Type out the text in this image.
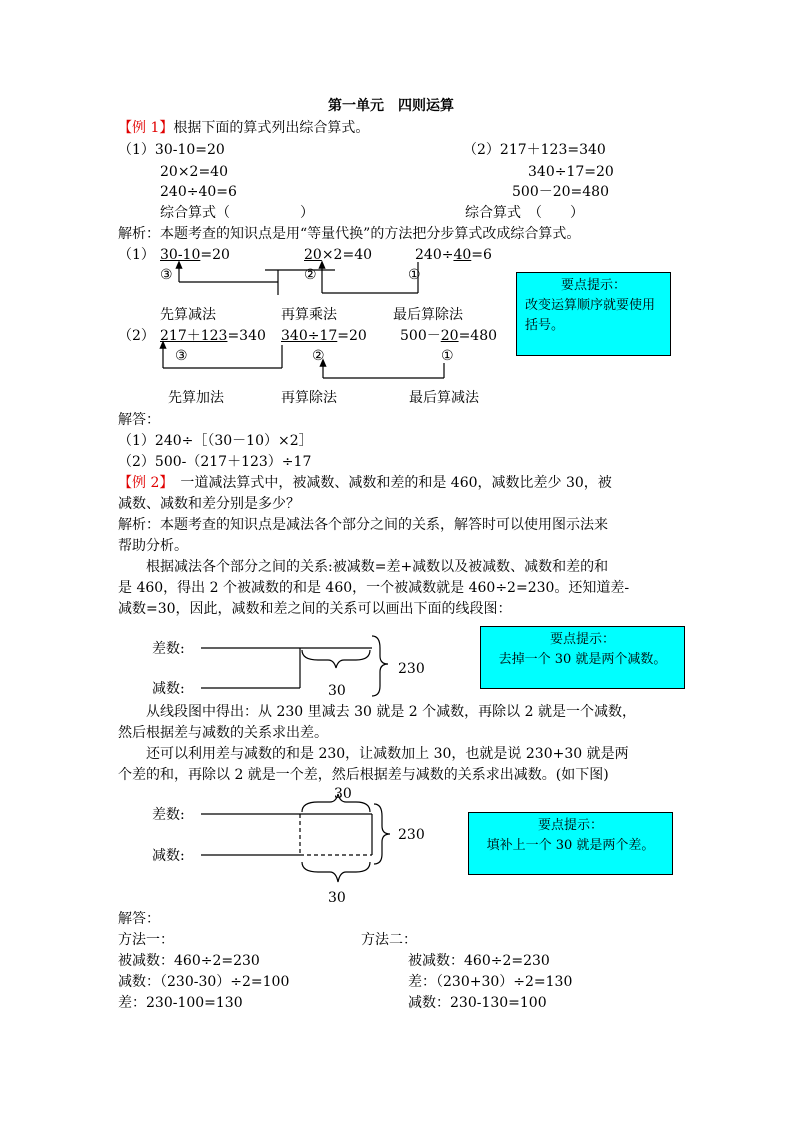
第一单元　四则运算
【例 1】根据下面的算式列出综合算式。
（1）30-10=20
20×2=40
240÷40=6
综合算式（　　　　　）
（2）217＋123=340
340÷17=20
500－20=480
综合算式　（　　）
解析：本题考查的知识点是用“等量代换”的方法把分步算式改成综合算式。
（1） 30-10=20	20×2=40	240÷40=6
③	②	①
先算减法	再算乘法	最后算除法
（2） 217＋123=340 340÷17=20 500－20=480
③	②	①
先算加法	再算除法	最后算减法
要点提示：
改变运算顺序就要使用括号。
解答：
（1）240÷［（30－10）×2］
（2）500-（217＋123）÷17
【例 2】　一道减法算式中，被减数、减数和差的和是 460，减数比差少 30，被
减数、减数和差分别是多少？
解析：本题考查的知识点是减法各个部分之间的关系，解答时可以使用图示法来
帮助分析。
根据减法各个部分之间的关系:被减数=差+减数以及被减数、减数和差的和
是 460，得出 2 个被减数的和是 460，一个被减数就是 460÷2=230。还知道差-
减数=30，因此，减数和差之间的关系可以画出下面的线段图：
差数:
减数:
230
30
要点提示：
去掉一个 30 就是两个减数。
从线段图中得出：从 230 里减去 30 就是 2 个减数，再除以 2 就是一个减数，
然后根据差与减数的关系求出差。
还可以利用差与减数的和是 230，让减数加上 30，也就是说 230+30 就是两
个差的和，再除以 2 就是一个差，然后根据差与减数的关系求出减数。(如下图)
30
差数:
减数:
230
30
要点提示：
填补上一个 30 就是两个差。
解答：
方法一：
被减数：460÷2=230
减数：（230-30）÷2=100
差：230-100=130
方法二：
被减数：460÷2=230
差：（230+30）÷2=130
减数：230-130=100
